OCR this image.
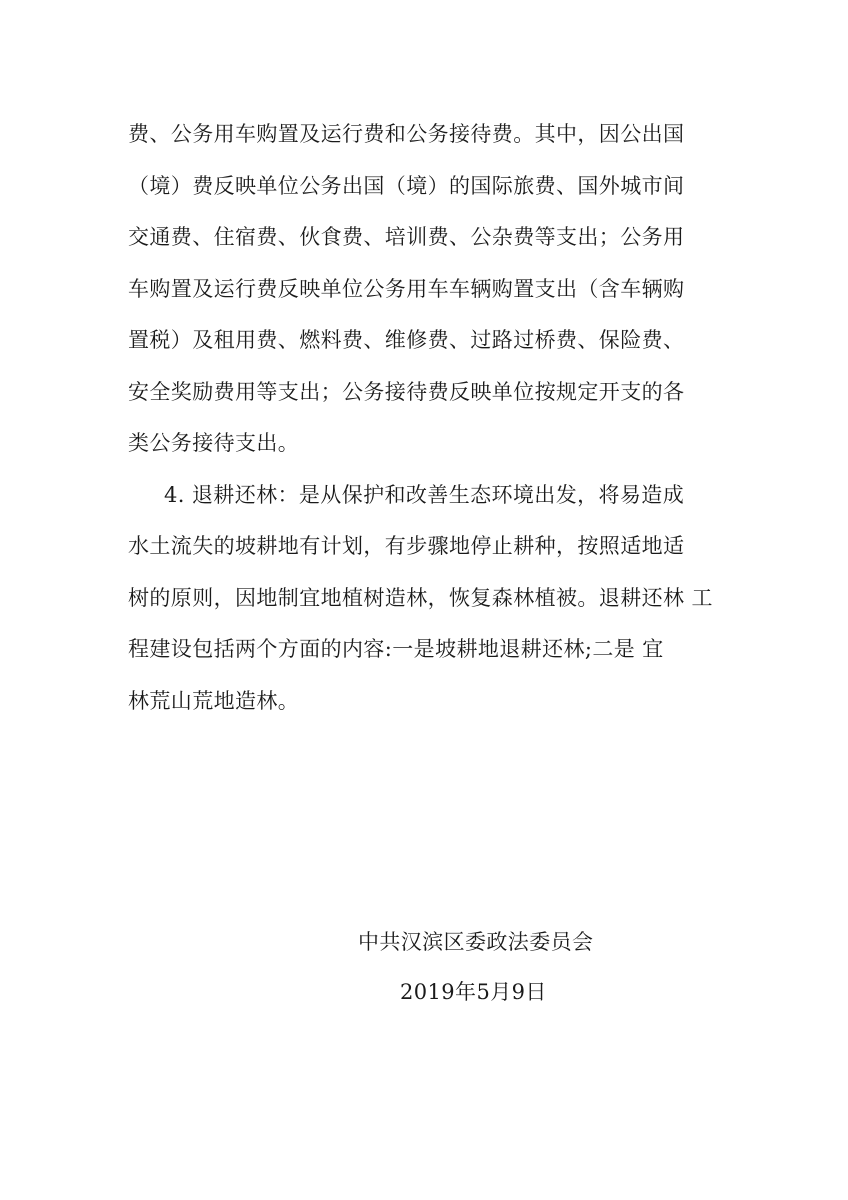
费、公务用车购置及运行费和公务接待费。其中，因公出国
（境）费反映单位公务出国（境）的国际旅费、国外城市间
交通费、住宿费、伙食费、培训费、公杂费等支出；公务用
车购置及运行费反映单位公务用车车辆购置支出（含车辆购
置税）及租用费、燃料费、维修费、过路过桥费、保险费、
安全奖励费用等支出；公务接待费反映单位按规定开支的各
类公务接待支出。
4. 退耕还林：是从保护和改善生态环境出发，将易造成
水土流失的坡耕地有计划，有步骤地停止耕种，按照适地适
树的原则，因地制宜地植树造林，恢复森林植被。退耕还林 工
程建设包括两个方面的内容:一是坡耕地退耕还林;二是 宜
林荒山荒地造林。
中共汉滨区委政法委员会
2019年5月9日
